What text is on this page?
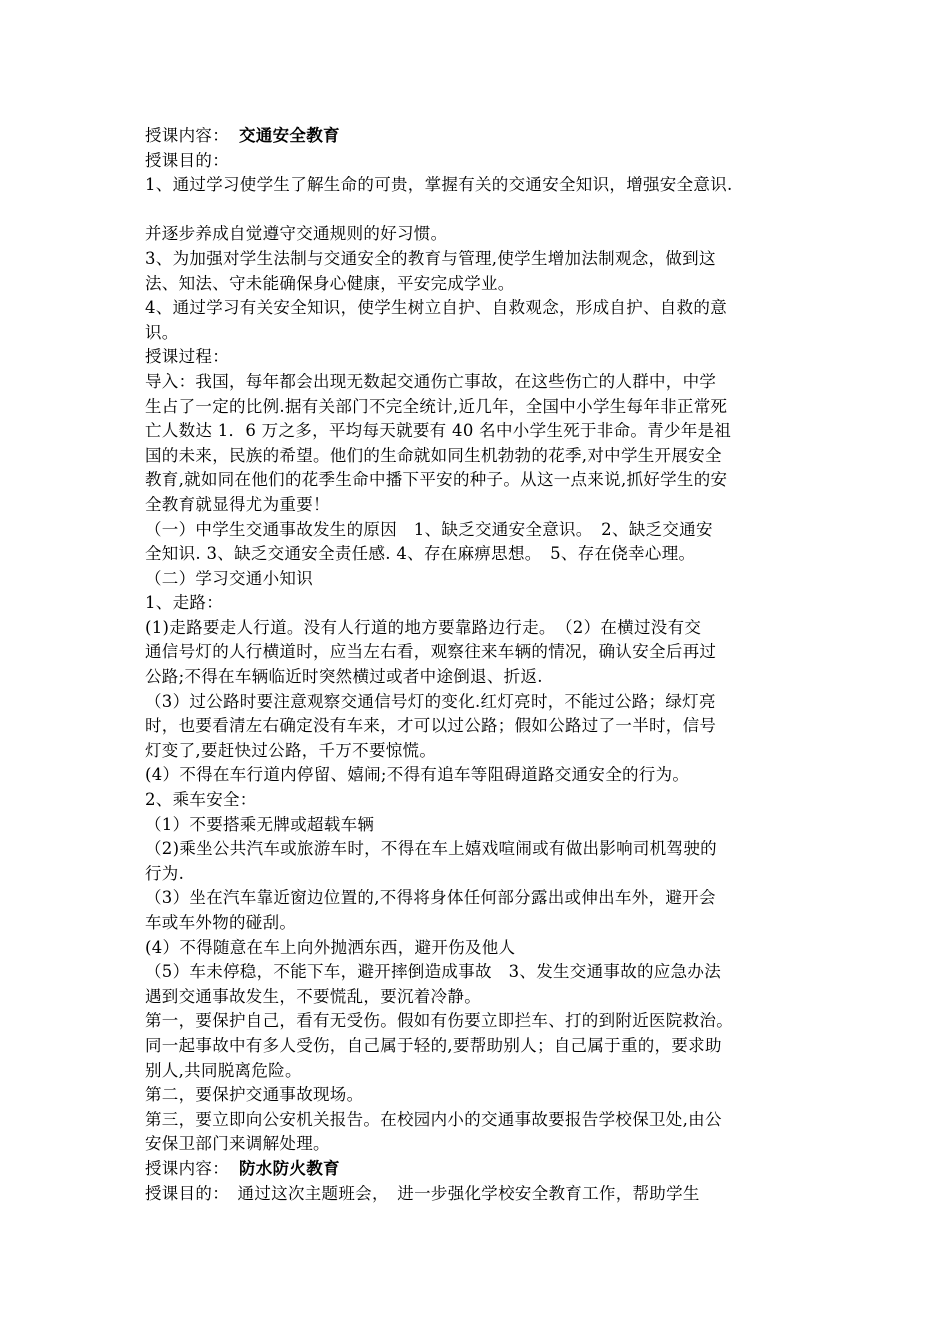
授课内容： 交通安全教育
授课目的：
1、通过学习使学生了解生命的可贵，掌握有关的交通安全知识，增强安全意识.
并逐步养成自觉遵守交通规则的好习惯。
3、为加强对学生法制与交通安全的教育与管理,使学生增加法制观念，做到这
法、知法、守未能确保身心健康，平安完成学业。
4、通过学习有关安全知识，使学生树立自护、自救观念，形成自护、自救的意
识。
授课过程：
导入：我国，每年都会出现无数起交通伤亡事故，在这些伤亡的人群中，中学
生占了一定的比例.据有关部门不完全统计,近几年，全国中小学生每年非正常死
亡人数达 1．6 万之多，平均每天就要有 40 名中小学生死于非命。青少年是祖
国的未来，民族的希望。他们的生命就如同生机勃勃的花季,对中学生开展安全
教育,就如同在他们的花季生命中播下平安的种子。从这一点来说,抓好学生的安
全教育就显得尤为重要！
（一）中学生交通事故发生的原因　1、缺乏交通安全意识。　2、缺乏交通安
全知识. 3、缺乏交通安全责任感. 4、存在麻痹思想。　5、存在侥幸心理。
（二）学习交通小知识
1、走路：
(1)走路要走人行道。没有人行道的地方要靠路边行走。　（2）在横过没有交
通信号灯的人行横道时，应当左右看，观察往来车辆的情况，确认安全后再过
公路;不得在车辆临近时突然横过或者中途倒退、折返.
（3）过公路时要注意观察交通信号灯的变化.红灯亮时，不能过公路；绿灯亮
时，也要看清左右确定没有车来，才可以过公路；假如公路过了一半时，信号
灯变了,要赶快过公路，千万不要惊慌。
(4）不得在车行道内停留、嬉闹;不得有追车等阻碍道路交通安全的行为。
2、乘车安全：
（1）不要搭乘无牌或超载车辆
（2)乘坐公共汽车或旅游车时，不得在车上嬉戏喧闹或有做出影响司机驾驶的
行为.
（3）坐在汽车靠近窗边位置的,不得将身体任何部分露出或伸出车外，避开会
车或车外物的碰刮。
(4）不得随意在车上向外抛洒东西，避开伤及他人
（5）车未停稳，不能下车，避开摔倒造成事故　3、发生交通事故的应急办法
遇到交通事故发生，不要慌乱，要沉着冷静。
第一，要保护自己，看有无受伤。假如有伤要立即拦车、打的到附近医院救治。
同一起事故中有多人受伤，自己属于轻的,要帮助别人；自己属于重的，要求助
别人,共同脱离危险。
第二，要保护交通事故现场。
第三，要立即向公安机关报告。在校园内小的交通事故要报告学校保卫处,由公
安保卫部门来调解处理。
授课内容： 防水防火教育
授课目的：　通过这次主题班会，　进一步强化学校安全教育工作，帮助学生
